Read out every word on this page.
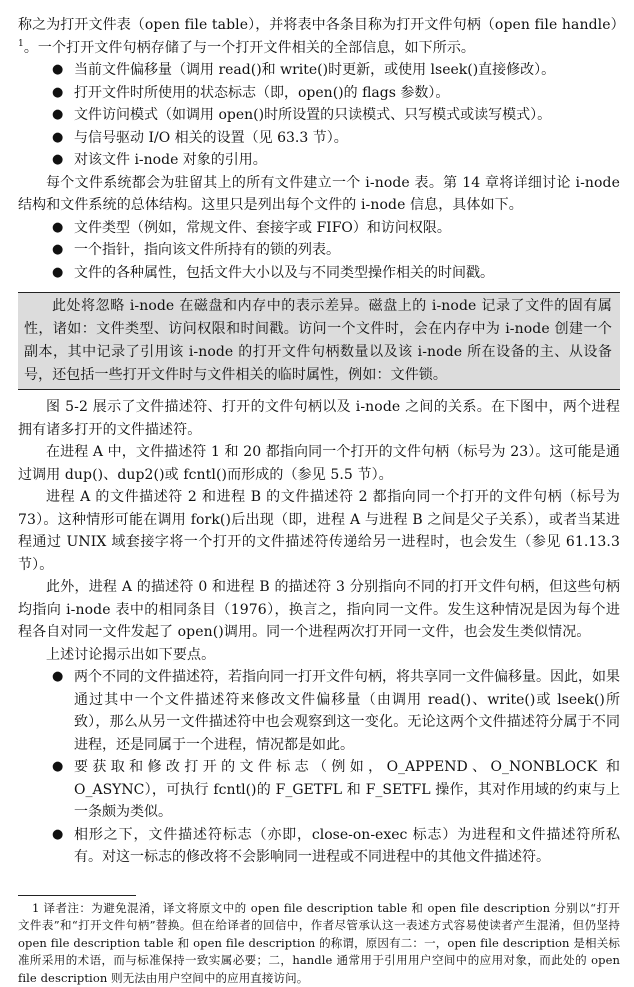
称之为打开文件表（open file table），并将表中各条目称为打开文件句柄（open file handle）$^1$。一个打开文件句柄存储了与一个打开文件相关的全部信息，如下所示。

● 当前文件偏移量（调用 read()和 write()时更新，或使用 lseek()直接修改）。
● 打开文件时所使用的状态标志（即，open()的 flags 参数）。
● 文件访问模式（如调用 open()时所设置的只读模式、只写模式或读写模式）。
● 与信号驱动 I/O 相关的设置（见 63.3 节）。
● 对该文件 i-node 对象的引用。

每个文件系统都会为驻留其上的所有文件建立一个 i-node 表。第 14 章将详细讨论 i-node 结构和文件系统的总体结构。这里只是列出每个文件的 i-node 信息，具体如下。

● 文件类型（例如，常规文件、套接字或 FIFO）和访问权限。
● 一个指针，指向该文件所持有的锁的列表。
● 文件的各种属性，包括文件大小以及与不同类型操作相关的时间戳。

此处将忽略 i-node 在磁盘和内存中的表示差异。磁盘上的 i-node 记录了文件的固有属性，诸如：文件类型、访问权限和时间戳。访问一个文件时，会在内存中为 i-node 创建一个副本，其中记录了引用该 i-node 的打开文件句柄数量以及该 i-node 所在设备的主、从设备号，还包括一些打开文件时与文件相关的临时属性，例如：文件锁。

图 5-2 展示了文件描述符、打开的文件句柄以及 i-node 之间的关系。在下图中，两个进程拥有诸多打开的文件描述符。

在进程 A 中，文件描述符 1 和 20 都指向同一个打开的文件句柄（标号为 23）。这可能是通过调用 dup()、dup2()或 fcntl()而形成的（参见 5.5 节）。

进程 A 的文件描述符 2 和进程 B 的文件描述符 2 都指向同一个打开的文件句柄（标号为 73）。这种情形可能在调用 fork()后出现（即，进程 A 与进程 B 之间是父子关系），或者当某进程通过 UNIX 域套接字将一个打开的文件描述符传递给另一进程时，也会发生（参见 61.13.3 节）。

此外，进程 A 的描述符 0 和进程 B 的描述符 3 分别指向不同的打开文件句柄，但这些句柄均指向 i-node 表中的相同条目（1976），换言之，指向同一文件。发生这种情况是因为每个进程各自对同一文件发起了 open()调用。同一个进程两次打开同一文件，也会发生类似情况。

上述讨论揭示出如下要点。

● 两个不同的文件描述符，若指向同一打开文件句柄，将共享同一文件偏移量。因此，如果通过其中一个文件描述符来修改文件偏移量（由调用 read()、write()或 lseek()所致），那么从另一文件描述符中也会观察到这一变化。无论这两个文件描述符分属于不同进程，还是同属于一个进程，情况都是如此。
● 要获取和修改打开的文件标志（例如，O_APPEND、O_NONBLOCK 和 O_ASYNC），可执行 fcntl()的 F_GETFL 和 F_SETFL 操作，其对作用域的约束与上一条颇为类似。
● 相形之下，文件描述符标志（亦即，close-on-exec 标志）为进程和文件描述符所私有。对这一标志的修改将不会影响同一进程或不同进程中的其他文件描述符。

1 译者注：为避免混淆，译文将原文中的 open file description table 和 open file description 分别以“打开文件表”和“打开文件句柄”替换。但在给译者的回信中，作者尽管承认这一表述方式容易使读者产生混淆，但仍坚持 open file description table 和 open file description 的称谓，原因有二：一，open file description 是相关标准所采用的术语，而与标准保持一致实属必要；二，handle 通常用于引用用户空间中的应用对象，而此处的 open file description 则无法由用户空间中的应用直接访问。
